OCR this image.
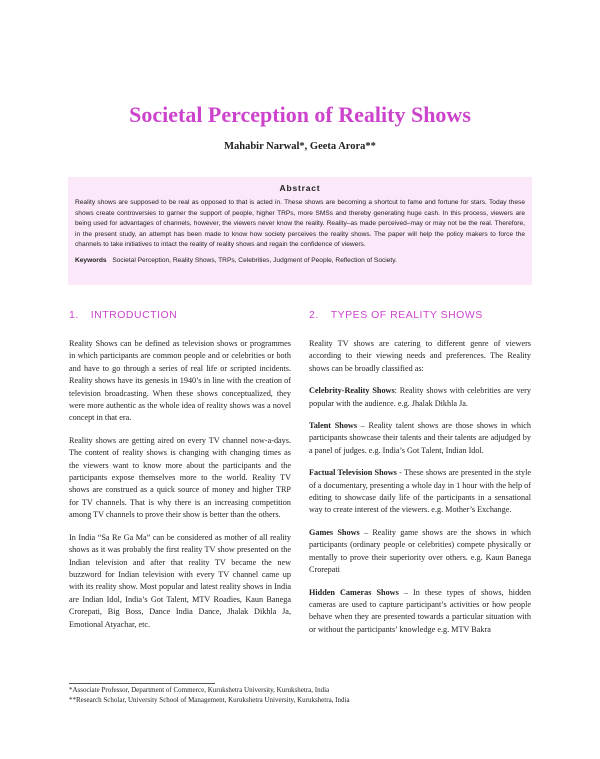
Societal Perception of Reality Shows
Mahabir Narwal*, Geeta Arora**
Abstract
Reality shows are supposed to be real as opposed to that is acted in. These shows are becoming a shortcut to fame and fortune for stars. Today these shows create controversies to garner the support of people, higher TRPs, more SMSs and thereby generating huge cash. In this process, viewers are being used for advantages of channels, however, the viewers never know the reality. Reality–as made perceived–may or may not be the real. Therefore, in the present study, an attempt has been made to know how society perceives the reality shows. The paper will help the policy makers to force the channels to take initiatives to intact the reality of reality shows and regain the confidence of viewers.
Keywords Societal Perception, Reality Shows, TRPs, Celebrities, Judgment of People, Reflection of Society.
1. INTRODUCTION

Reality Shows can be defined as television shows or programmes in which participants are common people and or celebrities or both and have to go through a series of real life or scripted incidents. Reality shows have its genesis in 1940’s in line with the creation of television broadcasting. When these shows conceptualized, they were more authentic as the whole idea of reality shows was a novel concept in that era.

Reality shows are getting aired on every TV channel now-a-days. The content of reality shows is changing with changing times as the viewers want to know more about the participants and the participants expose themselves more to the world. Reality TV shows are construed as a quick source of money and higher TRP for TV channels. That is why there is an increasing competition among TV channels to prove their show is better than the others.

In India “Sa Re Ga Ma” can be considered as mother of all reality shows as it was probably the first reality TV show presented on the Indian television and after that reality TV became the new buzzword for Indian television with every TV channel came up with its reality show. Most popular and latest reality shows in India are Indian Idol, India’s Got Talent, MTV Roadies, Kaun Banega Crorepati, Big Boss, Dance India Dance, Jhalak Dikhla Ja, Emotional Atyachar, etc.

2. TYPES OF REALITY SHOWS

Reality TV shows are catering to different genre of viewers according to their viewing needs and preferences. The Reality shows can be broadly classified as:

Celebrity-Reality Shows: Reality shows with celebrities are very popular with the audience. e.g. Jhalak Dikhla Ja.

Talent Shows – Reality talent shows are those shows in which participants showcase their talents and their talents are adjudged by a panel of judges. e.g. India’s Got Talent, Indian Idol.

Factual Television Shows - These shows are presented in the style of a documentary, presenting a whole day in 1 hour with the help of editing to showcase daily life of the participants in a sensational way to create interest of the viewers. e.g. Mother’s Exchange.

Games Shows – Reality game shows are the shows in which participants (ordinary people or celebrities) compete physically or mentally to prove their superiority over others. e.g. Kaun Banega Crorepati

Hidden Cameras Shows – In these types of shows, hidden cameras are used to capture participant’s activities or how people behave when they are presented towards a particular situation with or without the participants’ knowledge e.g. MTV Bakra

*Associate Professor, Department of Commerce, Kurukshetra University, Kurukshetra, India
**Research Scholar, University School of Management, Kurukshetra University, Kurukshetra, India
